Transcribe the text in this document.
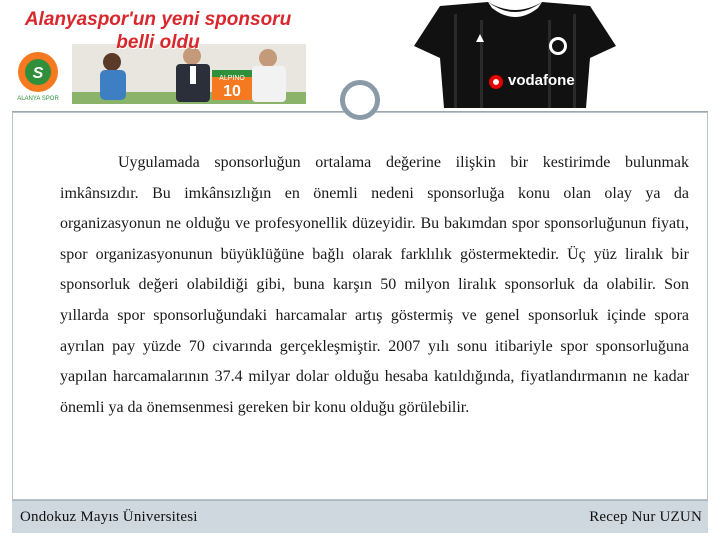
ALPINO
10
S
ALANYA SPOR
Alanyaspor'un yeni sponsoru belli oldu
vodafone

Uygulamada sponsorluğun ortalama değerine ilişkin bir kestirimde bulunmak imkânsızdır. Bu imkânsızlığın en önemli nedeni sponsorluğa konu olan olay ya da organizasyonun ne olduğu ve profesyonellik düzeyidir. Bu bakımdan spor sponsorluğunun fiyatı, spor organizasyonunun büyüklüğüne bağlı olarak farklılık göstermektedir. Üç yüz liralık bir sponsorluk değeri olabildiği gibi, buna karşın 50 milyon liralık sponsorluk da olabilir. Son yıllarda spor sponsorluğundaki harcamalar artış göstermiş ve genel sponsorluk içinde spora ayrılan pay yüzde 70 civarında gerçekleşmiştir. 2007 yılı sonu itibariyle spor sponsorluğuna yapılan harcamalarının 37.4 milyar dolar olduğu hesaba katıldığında, fiyatlandırmanın ne kadar önemli ya da önemsenmesi gereken bir konu olduğu görülebilir.

Ondokuz Mayıs Üniversitesi	Recep Nur UZUN
